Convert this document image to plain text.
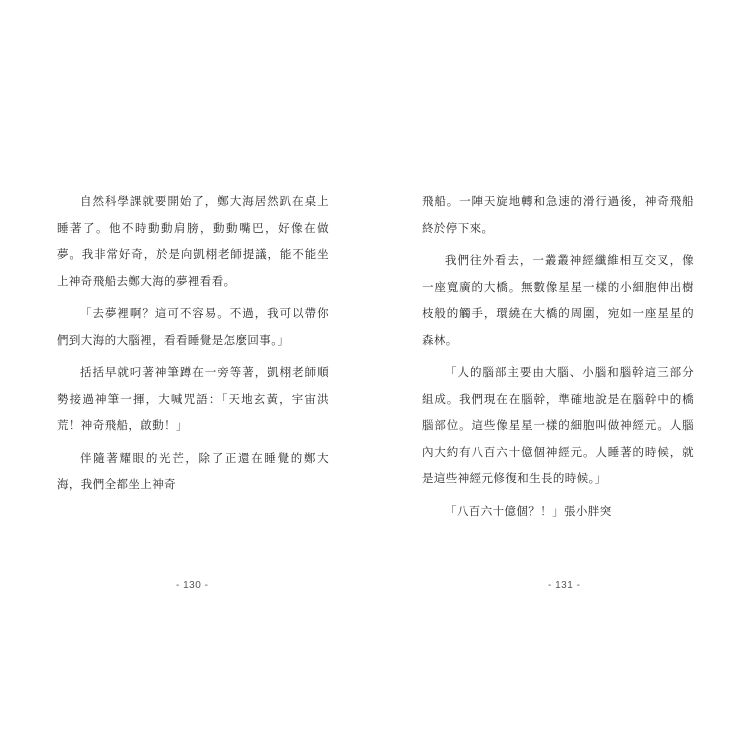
自然科學課就要開始了，鄭大海居然趴在桌上睡著了。他不時動動肩膀，動動嘴巴，好像在做夢。我非常好奇，於是向凱栩老師提議，能不能坐上神奇飛船去鄭大海的夢裡看看。

「去夢裡啊？這可不容易。不過，我可以帶你們到大海的大腦裡，看看睡覺是怎麼回事。」

括括早就叼著神筆蹲在一旁等著，凱栩老師順勢接過神筆一揮，大喊咒語：「天地玄黃，宇宙洪荒！神奇飛船，啟動！」

伴隨著耀眼的光芒，除了正還在睡覺的鄭大海，我們全都坐上神奇

- 130 -

飛船。一陣天旋地轉和急速的滑行過後，神奇飛船終於停下來。

我們往外看去，一叢叢神經纖維相互交叉，像一座寬廣的大橋。無數像星星一樣的小細胞伸出樹枝般的觸手，環繞在大橋的周圍，宛如一座星星的森林。

「人的腦部主要由大腦、小腦和腦幹這三部分組成。我們現在在腦幹，準確地說是在腦幹中的橋腦部位。這些像星星一樣的細胞叫做神經元。人腦內大約有八百六十億個神經元。人睡著的時候，就是這些神經元修復和生長的時候。」

「八百六十億個？！」張小胖突

- 131 -
